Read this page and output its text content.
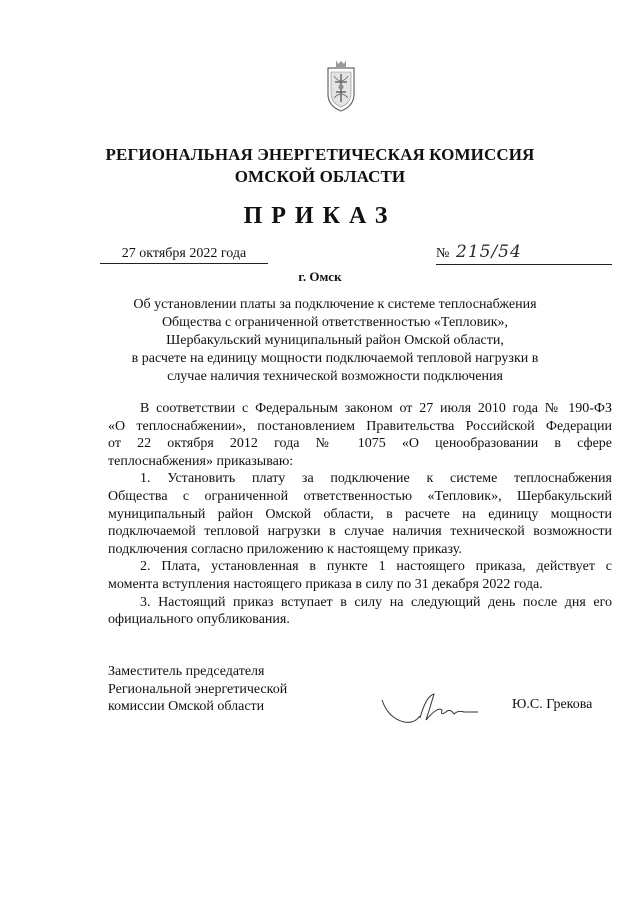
РЕГИОНАЛЬНАЯ ЭНЕРГЕТИЧЕСКАЯ КОМИССИЯ
ОМСКОЙ ОБЛАСТИ
ПРИКАЗ
27 октября 2022 года	№ 215/54
г. Омск
Об установлении платы за подключение к системе теплоснабжения
Общества с ограниченной ответственностью «Тепловик»,
Шербакульский муниципальный район Омской области,
в расчете на единицу мощности подключаемой тепловой нагрузки в
случае наличия технической возможности подключения
В соответствии с Федеральным законом от 27 июля 2010 года № 190-ФЗ
«О теплоснабжении», постановлением Правительства Российской Федерации
от 22 октября 2012 года № 1075 «О ценообразовании в сфере
теплоснабжения» приказываю:
1. Установить плату за подключение к системе теплоснабжения
Общества с ограниченной ответственностью «Тепловик», Шербакульский
муниципальный район Омской области, в расчете на единицу мощности
подключаемой тепловой нагрузки в случае наличия технической возможности
подключения согласно приложению к настоящему приказу.
2. Плата, установленная в пункте 1 настоящего приказа, действует с
момента вступления настоящего приказа в силу по 31 декабря 2022 года.
3. Настоящий приказ вступает в силу на следующий день после дня его
официального опубликования.
Заместитель председателя
Региональной энергетической
комиссии Омской области	Ю.С. Грекова
